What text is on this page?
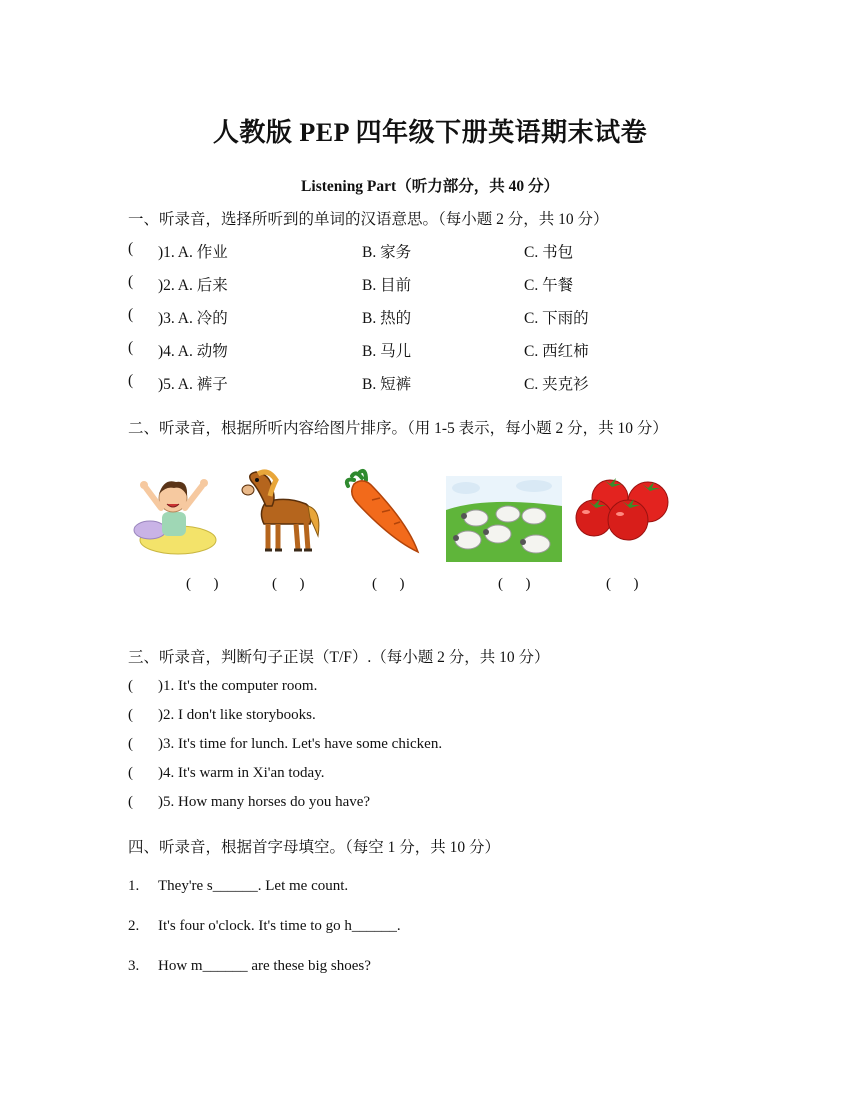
人教版 PEP 四年级下册英语期末试卷
Listening Part（听力部分，共 40 分）
一、听录音，选择所听到的单词的汉语意思。（每小题 2 分，共 10 分）
( )1. A. 作业	B. 家务	C. 书包
( )2. A. 后来	B. 目前	C. 午餐
( )3. A. 冷的	B. 热的	C. 下雨的
( )4. A. 动物	B. 马儿	C. 西红柿
( )5. A. 裤子	B. 短裤	C. 夹克衫
二、听录音，根据所听内容给图片排序。（用 1-5 表示，每小题 2 分，共 10 分）
(      )	(      )	(      )	(      )	(      )
三、听录音，判断句子正误（T/F）.（每小题 2 分，共 10 分）
( )1. It's the computer room.
( )2. I don't like storybooks.
( )3. It's time for lunch. Let's have some chicken.
( )4. It's warm in Xi'an today.
( )5. How many horses do you have?
四、听录音，根据首字母填空。（每空 1 分，共 10 分）
1. They're s______. Let me count.
2. It's four o'clock. It's time to go h______.
3. How m______ are these big shoes?
